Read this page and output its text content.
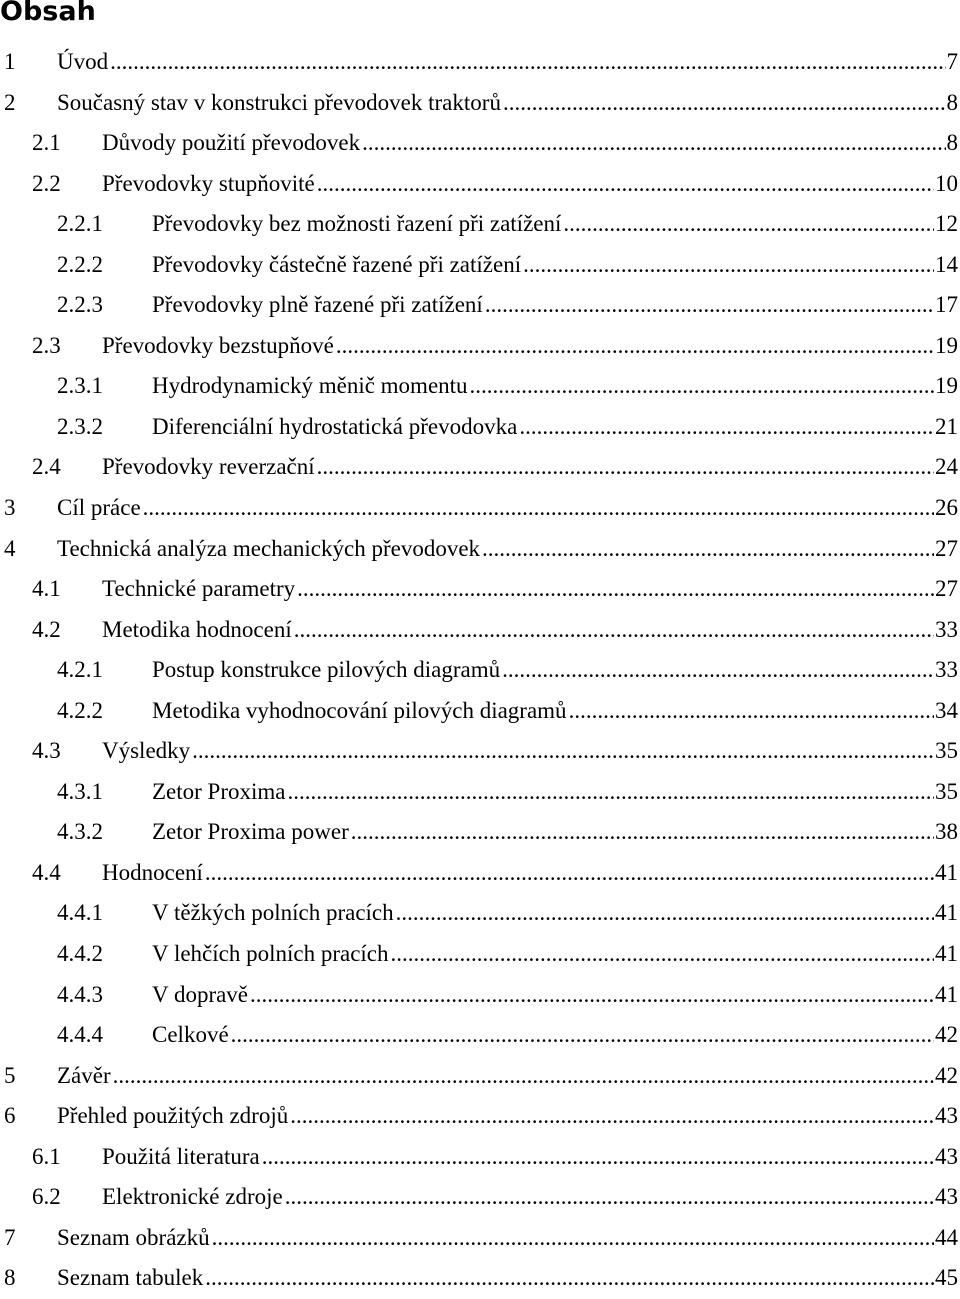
Obsah
1 Úvod .....	7
2 Současný stav v konstrukci převodovek traktorů .....	8
2.1 Důvody použití převodovek .....	8
2.2 Převodovky stupňovité .....	10
2.2.1 Převodovky bez možnosti řazení při zatížení .....	12
2.2.2 Převodovky částečně řazené při zatížení .....	14
2.2.3 Převodovky plně řazené při zatížení .....	17
2.3 Převodovky bezstupňové .....	19
2.3.1 Hydrodynamický měnič momentu .....	19
2.3.2 Diferenciální hydrostatická převodovka .....	21
2.4 Převodovky reverzační .....	24
3 Cíl práce .....	26
4 Technická analýza mechanických převodovek .....	27
4.1 Technické parametry .....	27
4.2 Metodika hodnocení .....	33
4.2.1 Postup konstrukce pilových diagramů .....	33
4.2.2 Metodika vyhodnocování pilových diagramů .....	34
4.3 Výsledky .....	35
4.3.1 Zetor Proxima .....	35
4.3.2 Zetor Proxima power .....	38
4.4 Hodnocení .....	41
4.4.1 V těžkých polních pracích .....	41
4.4.2 V lehčích polních pracích .....	41
4.4.3 V dopravě .....	41
4.4.4 Celkové .....	42
5 Závěr .....	42
6 Přehled použitých zdrojů .....	43
6.1 Použitá literatura .....	43
6.2 Elektronické zdroje .....	43
7 Seznam obrázků .....	44
8 Seznam tabulek .....	45
